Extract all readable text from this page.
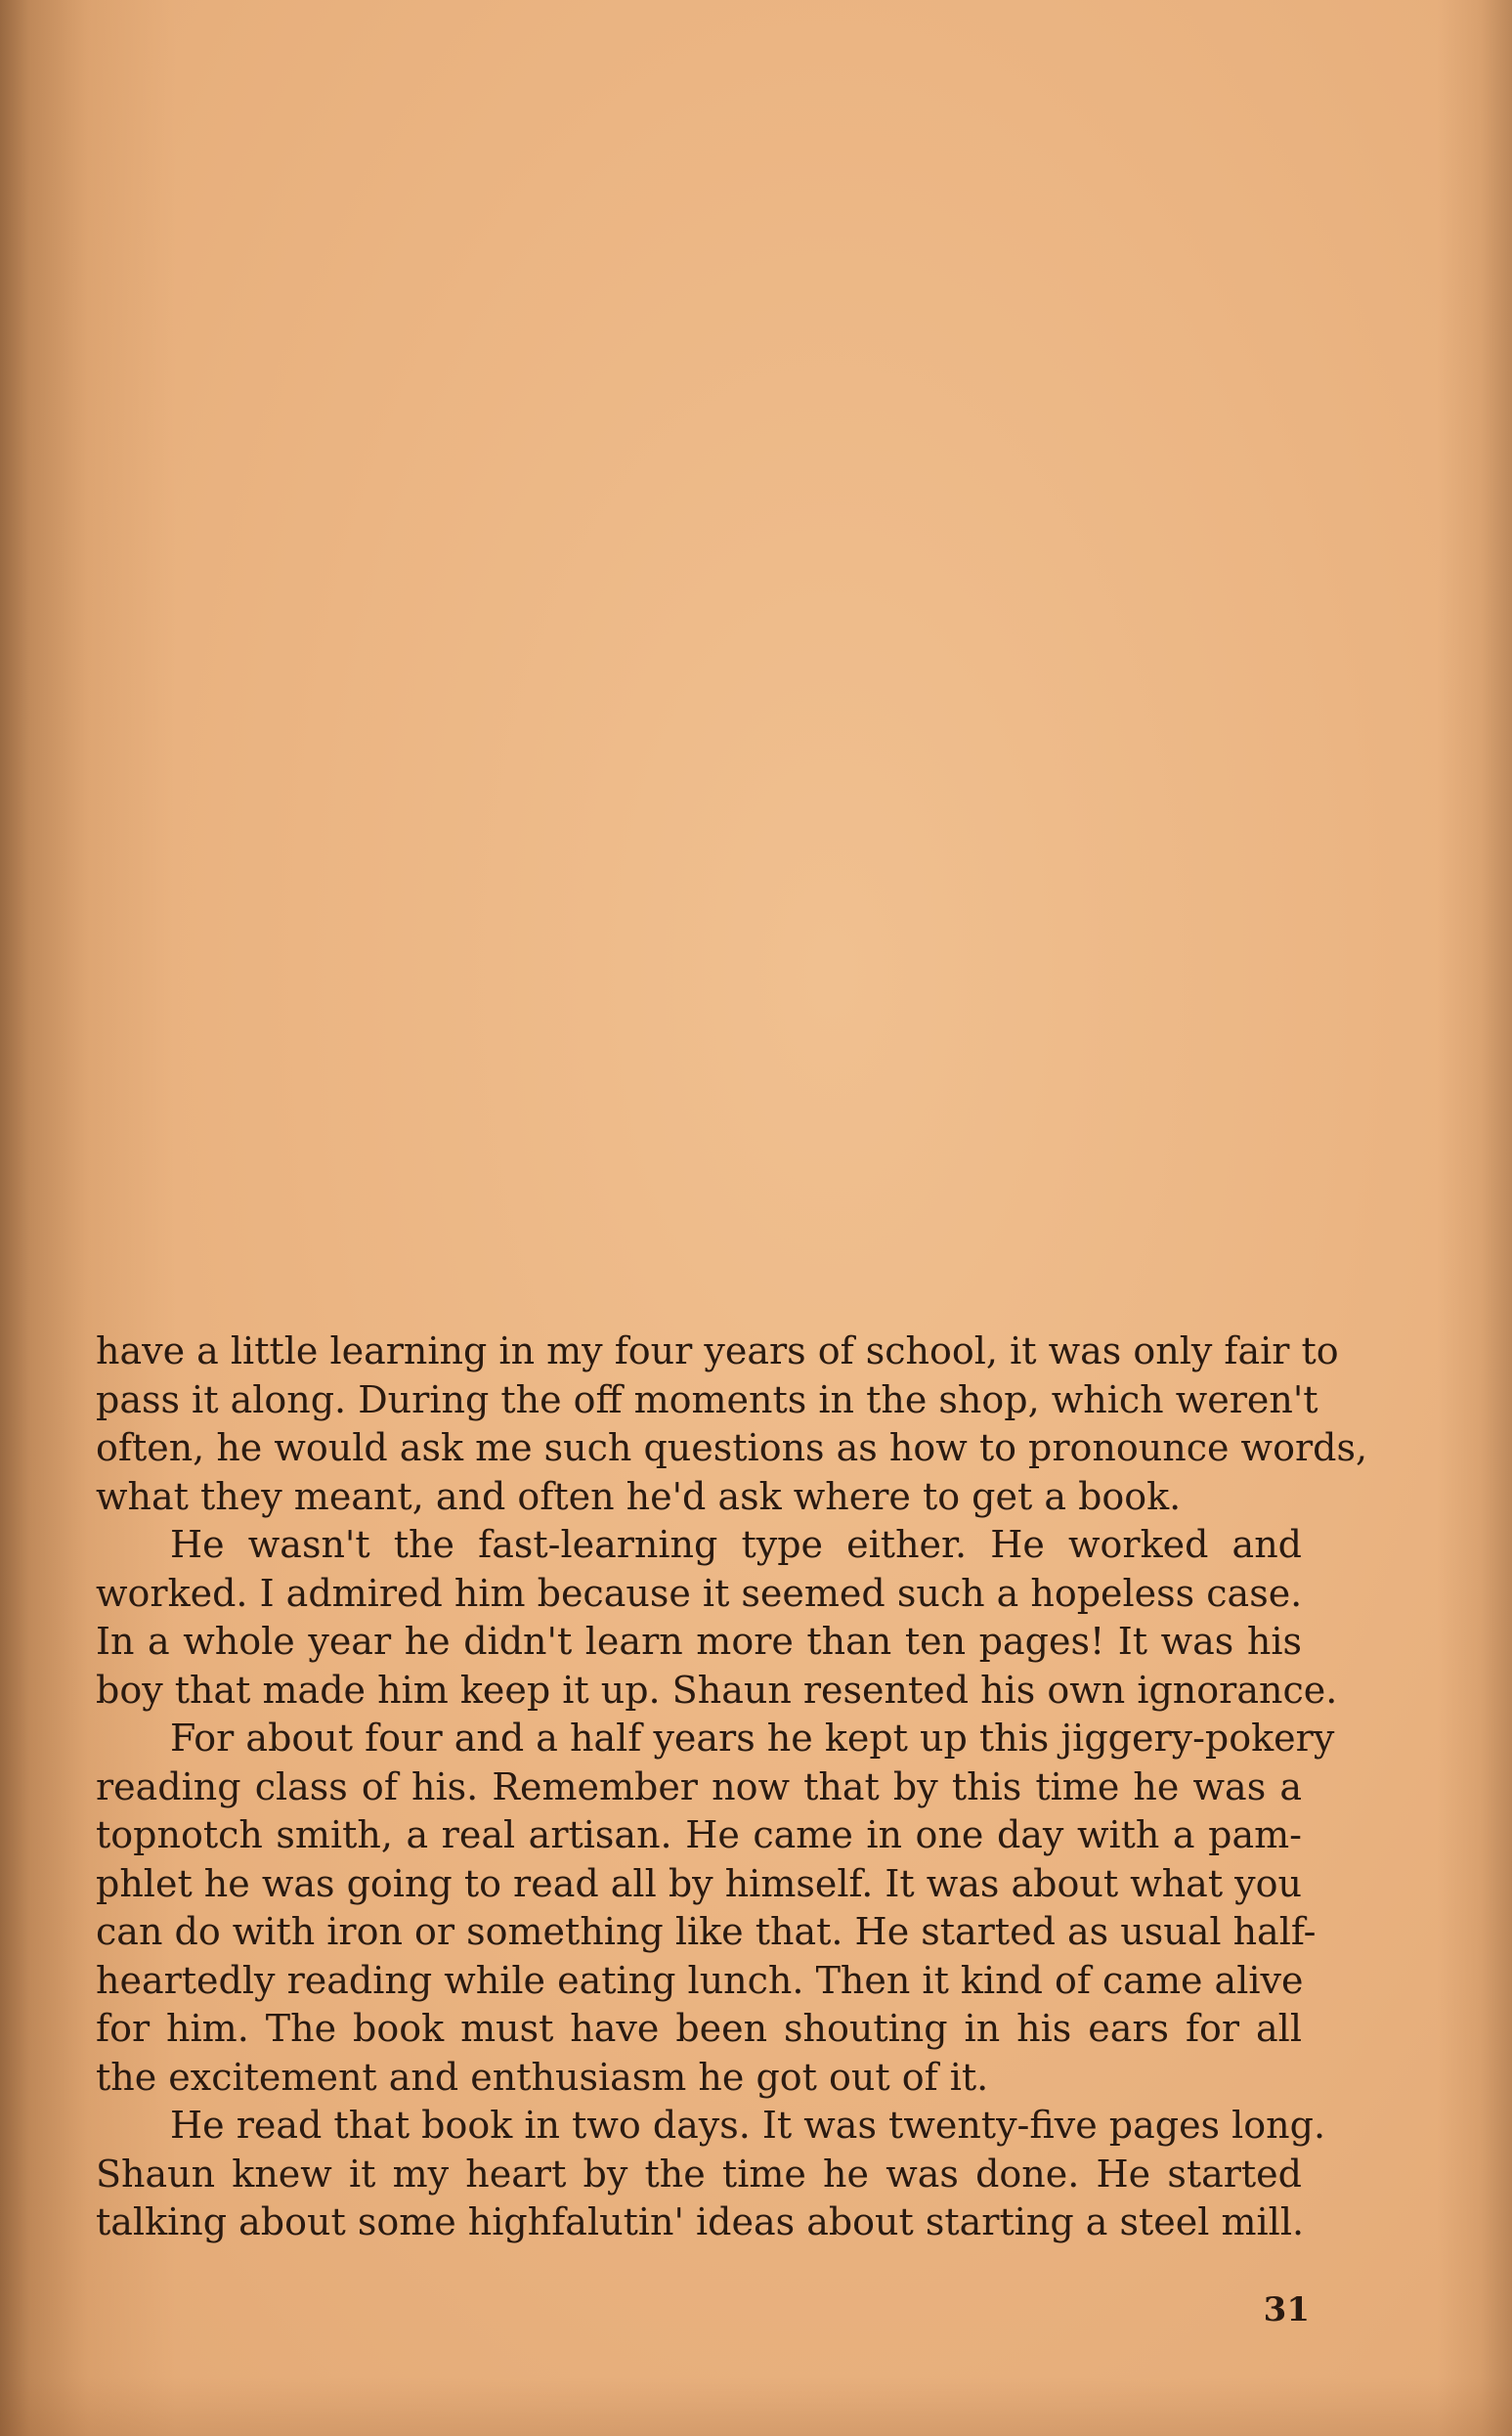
have a little learning in my four years of school, it was only fair to
pass it along. During the off moments in the shop, which weren't
often, he would ask me such questions as how to pronounce words,
what they meant, and often he'd ask where to get a book.
He wasn't the fast-learning type either. He worked and
worked. I admired him because it seemed such a hopeless case.
In a whole year he didn't learn more than ten pages! It was his
boy that made him keep it up. Shaun resented his own ignorance.
For about four and a half years he kept up this jiggery-pokery
reading class of his. Remember now that by this time he was a
topnotch smith, a real artisan. He came in one day with a pam-
phlet he was going to read all by himself. It was about what you
can do with iron or something like that. He started as usual half-
heartedly reading while eating lunch. Then it kind of came alive
for him. The book must have been shouting in his ears for all
the excitement and enthusiasm he got out of it.
He read that book in two days. It was twenty-five pages long.
Shaun knew it my heart by the time he was done. He started
talking about some highfalutin' ideas about starting a steel mill.
31
